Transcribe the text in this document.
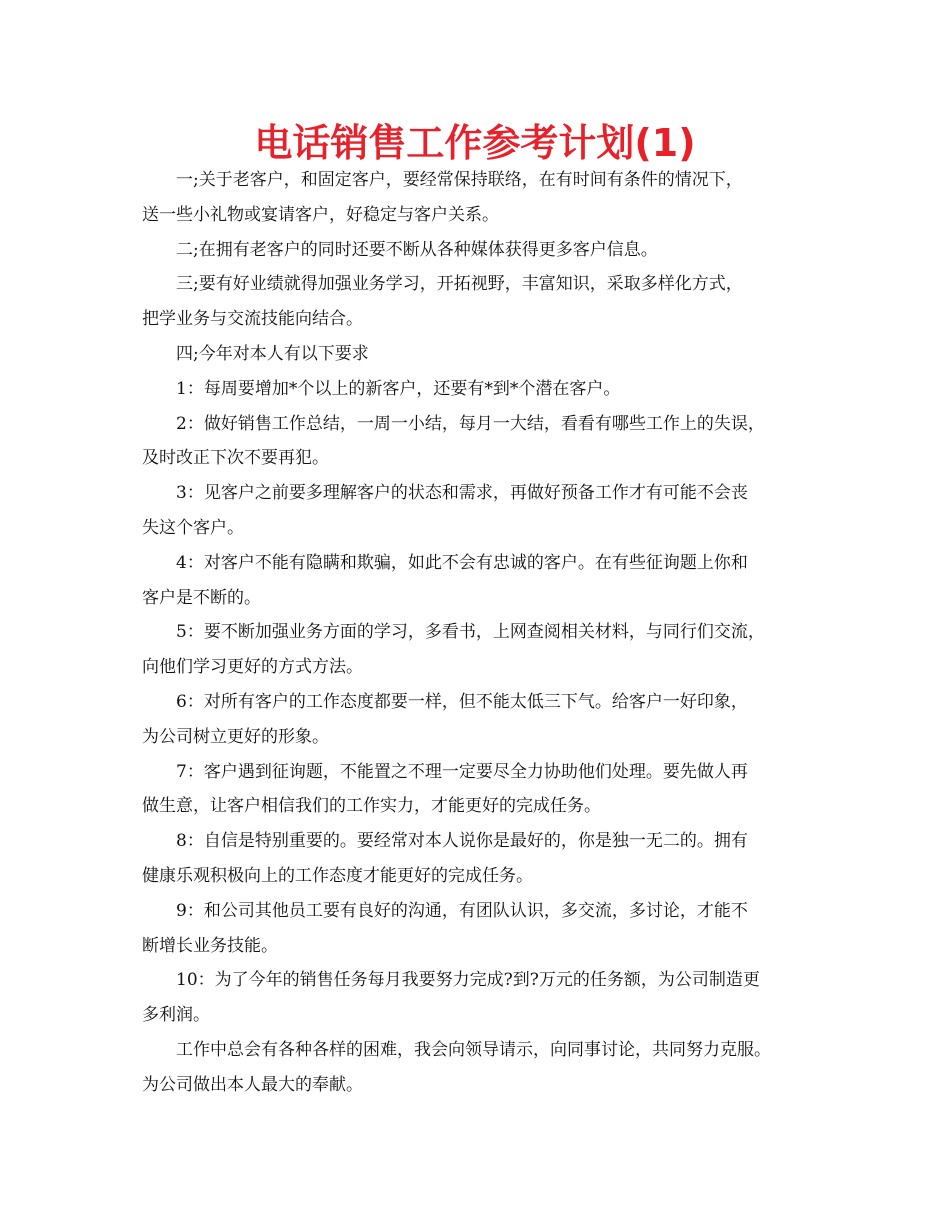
电话销售工作参考计划(1)

一;关于老客户，和固定客户，要经常保持联络，在有时间有条件的情况下，
送一些小礼物或宴请客户，好稳定与客户关系。

二;在拥有老客户的同时还要不断从各种媒体获得更多客户信息。

三;要有好业绩就得加强业务学习，开拓视野，丰富知识，采取多样化方式，
把学业务与交流技能向结合。

四;今年对本人有以下要求

1：每周要增加*个以上的新客户，还要有*到*个潜在客户。

2：做好销售工作总结，一周一小结，每月一大结，看看有哪些工作上的失误，
及时改正下次不要再犯。

3：见客户之前要多理解客户的状态和需求，再做好预备工作才有可能不会丧
失这个客户。

4：对客户不能有隐瞒和欺骗，如此不会有忠诚的客户。在有些征询题上你和
客户是不断的。

5：要不断加强业务方面的学习，多看书，上网查阅相关材料，与同行们交流，
向他们学习更好的方式方法。

6：对所有客户的工作态度都要一样，但不能太低三下气。给客户一好印象，
为公司树立更好的形象。

7：客户遇到征询题，不能置之不理一定要尽全力协助他们处理。要先做人再
做生意，让客户相信我们的工作实力，才能更好的完成任务。

8：自信是特别重要的。要经常对本人说你是最好的，你是独一无二的。拥有
健康乐观积极向上的工作态度才能更好的完成任务。

9：和公司其他员工要有良好的沟通，有团队认识，多交流，多讨论，才能不
断增长业务技能。

10：为了今年的销售任务每月我要努力完成?到?万元的任务额，为公司制造更
多利润。

工作中总会有各种各样的困难，我会向领导请示，向同事讨论，共同努力克服。
为公司做出本人最大的奉献。
